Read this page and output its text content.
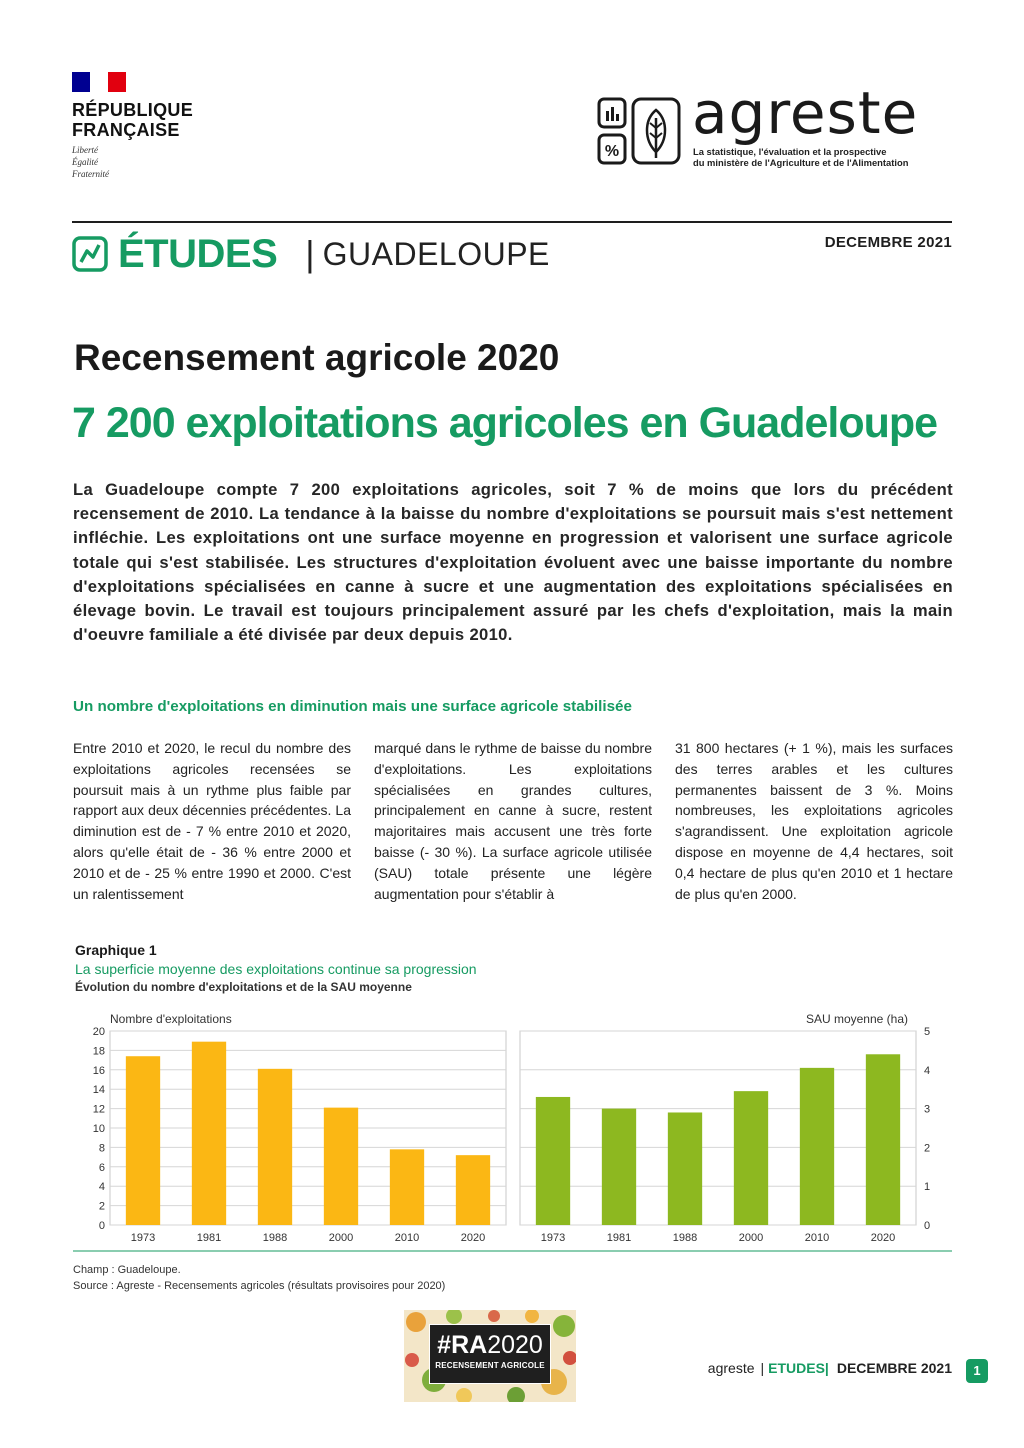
RÉPUBLIQUE
FRANÇAISE
Liberté
Égalité
Fraternité
%
agreste
La statistique, l'évaluation et la prospective
du ministère de l'Agriculture et de l'Alimentation
ÉTUDES | GUADELOUPE	DECEMBRE 2021
Recensement agricole 2020
7 200 exploitations agricoles en Guadeloupe

La Guadeloupe compte 7 200 exploitations agricoles, soit 7 % de moins que lors du précédent recensement de 2010. La tendance à la baisse du nombre d'exploitations se poursuit mais s'est nettement infléchie. Les exploitations ont une surface moyenne en progression et valorisent une surface agricole totale qui s'est stabilisée. Les structures d'exploitation évoluent avec une baisse importante du nombre d'exploitations spécialisées en canne à sucre et une augmentation des exploitations spécialisées en élevage bovin. Le travail est toujours principalement assuré par les chefs d'exploitation, mais la main d'oeuvre familiale a été divisée par deux depuis 2010.

Un nombre d'exploitations en diminution mais une surface agricole stabilisée

Entre 2010 et 2020, le recul du nombre des exploitations agricoles recensées se poursuit mais à un rythme plus faible par rapport aux deux décennies précédentes. La diminution est de - 7 % entre 2010 et 2020, alors qu'elle était de - 36 % entre 2000 et 2010 et de - 25 % entre 1990 et 2000. C'est un ralentissement

marqué dans le rythme de baisse du nombre d'exploitations. Les exploitations spécialisées en grandes cultures, principalement en canne à sucre, restent majoritaires mais accusent une très forte baisse (- 30 %). La surface agricole utilisée (SAU) totale présente une légère augmentation pour s'établir à

31 800 hectares (+ 1 %), mais les surfaces des terres arables et les cultures permanentes baissent de 3 %. Moins nombreuses, les exploitations agricoles s'agrandissent. Une exploitation agricole dispose en moyenne de 4,4 hectares, soit 0,4 hectare de plus qu'en 2010 et 1 hectare de plus qu'en 2000.

Graphique 1
La superficie moyenne des exploitations continue sa progression
Évolution du nombre d'exploitations et de la SAU moyenne
0
2
4
6
8
10
12
14
16
18
20
Nombre d'exploitations
1973	1981	1988	2000	2010	2020
0
1
2
3
4
5
SAU moyenne (ha)
1973	1981	1988	2000	2010	2020
Champ : Guadeloupe.
Source : Agreste - Recensements agricoles (résultats provisoires pour 2020)
#RA2020
RECENSEMENT AGRICOLE	agreste | ETUDES| DECEMBRE 2021	1
